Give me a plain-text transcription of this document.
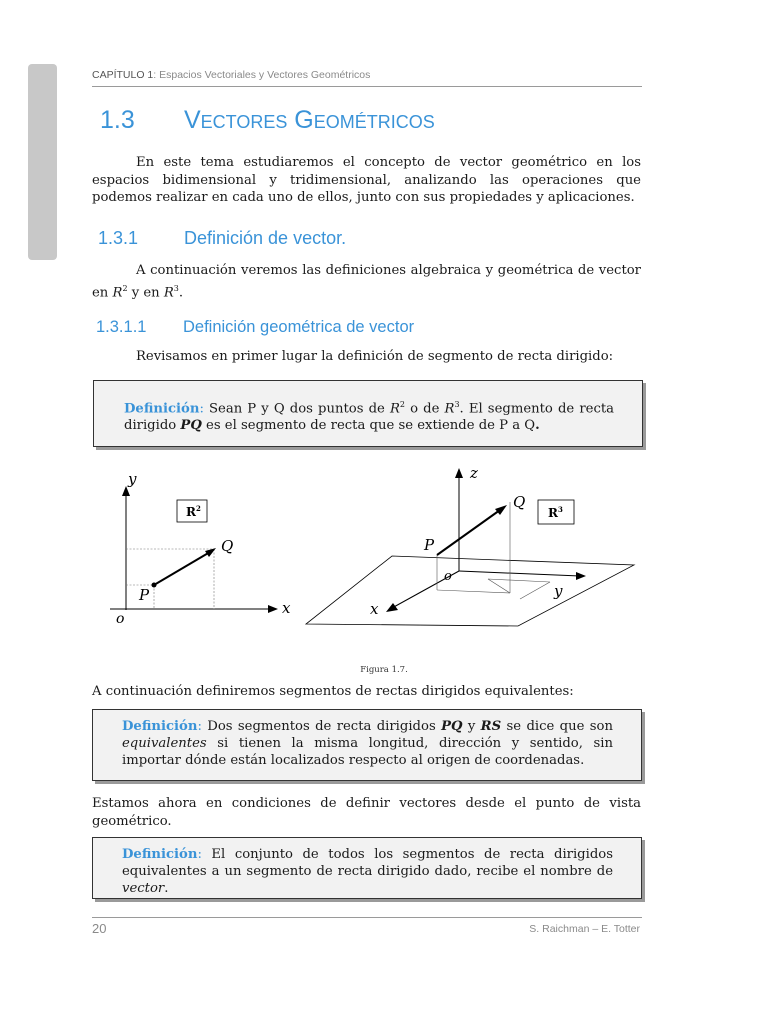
CAPÍTULO 1: Espacios Vectoriales y Vectores Geométricos
1.3 Vectores Geométricos

En este tema estudiaremos el concepto de vector geométrico en los espacios bidimensional y tridimensional, analizando las operaciones que podemos realizar en cada uno de ellos, junto con sus propiedades y aplicaciones.

1.3.1	Definición de vector.

A continuación veremos las definiciones algebraica y geométrica de vector en $R^2$ y en $R^3$.

1.3.1.1 Definición geométrica de vector

Revisamos en primer lugar la definición de segmento de recta dirigido:

Definición: Sean P y Q dos puntos de $R^2$ o de $R^3$. El segmento de recta dirigido PQ es el segmento de recta que se extiende de P a Q.

y
x
o
P
Q
$R^2$
z
Q
P
o
x
y
$R^3$
Figura 1.7.

A continuación definiremos segmentos de rectas dirigidos equivalentes:

Definición: Dos segmentos de recta dirigidos PQ y RS se dice que son equivalentes si tienen la misma longitud, dirección y sentido, sin importar dónde están localizados respecto al origen de coordenadas.

Estamos ahora en condiciones de definir vectores desde el punto de vista geométrico.

Definición: El conjunto de todos los segmentos de recta dirigidos equivalentes a un segmento de recta dirigido dado, recibe el nombre de vector.

20	S. Raichman – E. Totter
